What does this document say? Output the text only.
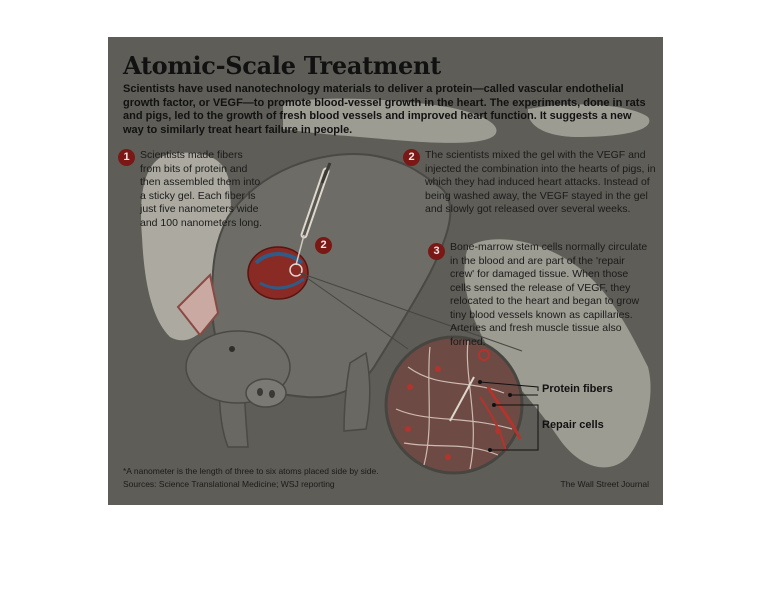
Atomic-Scale Treatment

Scientists have used nanotechnology materials to deliver a protein—called vascular endothelial growth factor, or VEGF—to promote blood-vessel growth in the heart. The experiments, done in rats and pigs, led to the growth of fresh blood vessels and improved heart function. It suggests a new way to similarly treat heart failure in people.

1 Scientists made fibers from bits of protein and then assembled them into a sticky gel. Each fiber is just five nanometers wide and 100 nanometers long.

2 The scientists mixed the gel with the VEGF and injected the combination into the hearts of pigs, in which they had induced heart attacks. Instead of being washed away, the VEGF stayed in the gel and slowly got released over several weeks.

3 Bone-marrow stem cells normally circulate in the blood and are part of the 'repair crew' for damaged tissue. When those cells sensed the release of VEGF, they relocated to the heart and began to grow tiny blood vessels known as capillaries. Arteries and fresh muscle tissue also formed.

2
Protein fibers
Repair cells

*A nanometer is the length of three to six atoms placed side by side.

Sources: Science Translational Medicine; WSJ reporting	The Wall Street Journal
